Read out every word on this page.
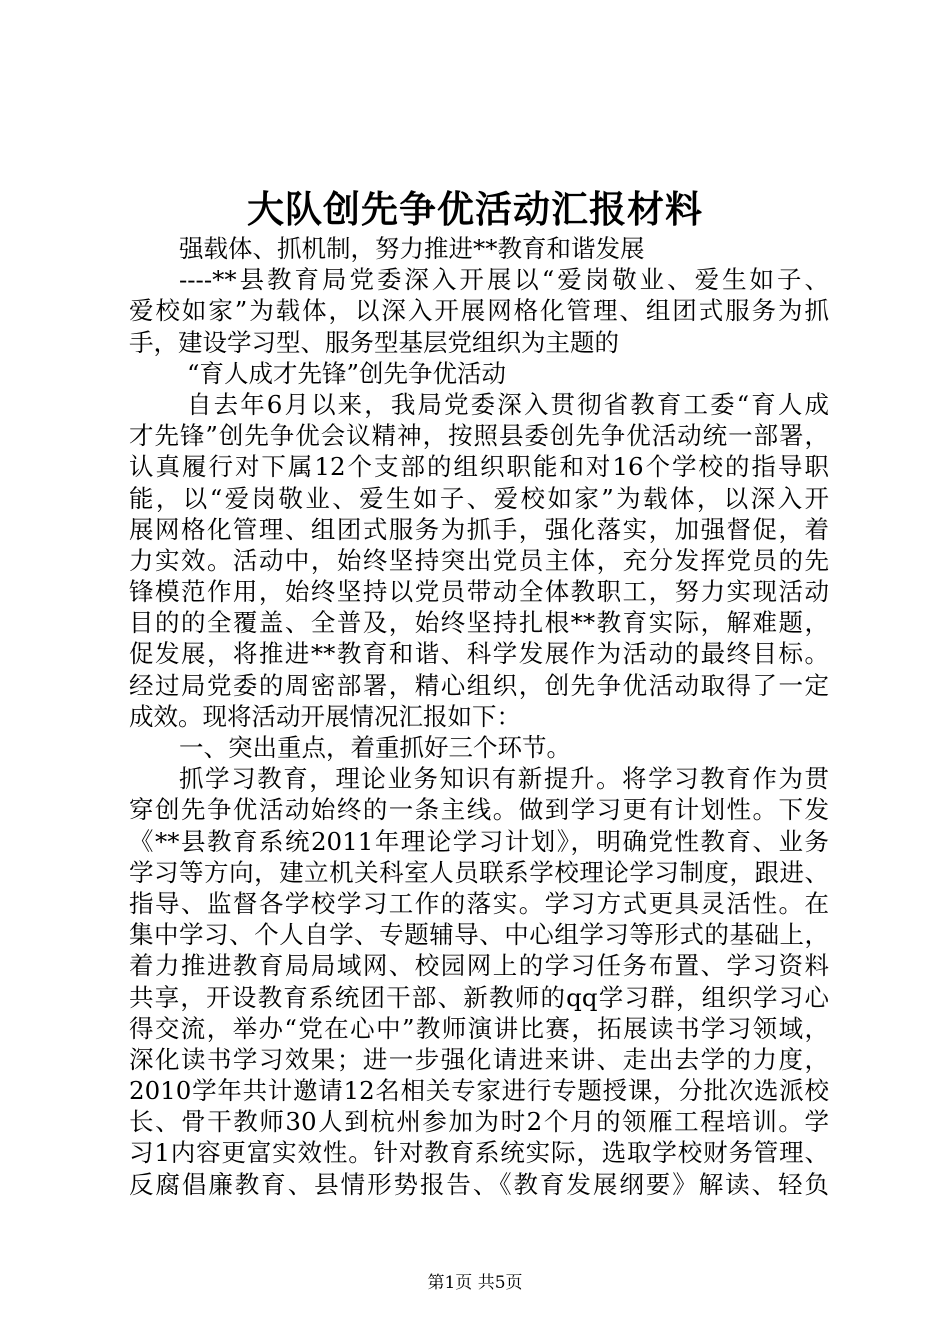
大队创先争优活动汇报材料
强载体、抓机制，努力推进**教育和谐发展
----**县教育局党委深入开展以“爱岗敬业、爱生如子、
爱校如家”为载体，以深入开展网格化管理、组团式服务为抓
手，建设学习型、服务型基层党组织为主题的
“育人成才先锋”创先争优活动
自去年6月以来，我局党委深入贯彻省教育工委“育人成
才先锋”创先争优会议精神，按照县委创先争优活动统一部署，
认真履行对下属12个支部的组织职能和对16个学校的指导职
能，以“爱岗敬业、爱生如子、爱校如家”为载体，以深入开
展网格化管理、组团式服务为抓手，强化落实，加强督促，着
力实效。活动中，始终坚持突出党员主体，充分发挥党员的先
锋模范作用，始终坚持以党员带动全体教职工，努力实现活动
目的的全覆盖、全普及，始终坚持扎根**教育实际，解难题，
促发展，将推进**教育和谐、科学发展作为活动的最终目标。
经过局党委的周密部署，精心组织，创先争优活动取得了一定
成效。现将活动开展情况汇报如下：
一、突出重点，着重抓好三个环节。
抓学习教育，理论业务知识有新提升。将学习教育作为贯
穿创先争优活动始终的一条主线。做到学习更有计划性。下发
《**县教育系统2011年理论学习计划》，明确党性教育、业务
学习等方向，建立机关科室人员联系学校理论学习制度，跟进、
指导、监督各学校学习工作的落实。学习方式更具灵活性。在
集中学习、个人自学、专题辅导、中心组学习等形式的基础上，
着力推进教育局局域网、校园网上的学习任务布置、学习资料
共享，开设教育系统团干部、新教师的qq学习群，组织学习心
得交流，举办“党在心中”教师演讲比赛，拓展读书学习领域，
深化读书学习效果；进一步强化请进来讲、走出去学的力度，
2010学年共计邀请12名相关专家进行专题授课，分批次选派校
长、骨干教师30人到杭州参加为时2个月的领雁工程培训。学
习1内容更富实效性。针对教育系统实际，选取学校财务管理、
反腐倡廉教育、县情形势报告、《教育发展纲要》解读、轻负
第1页 共5页
